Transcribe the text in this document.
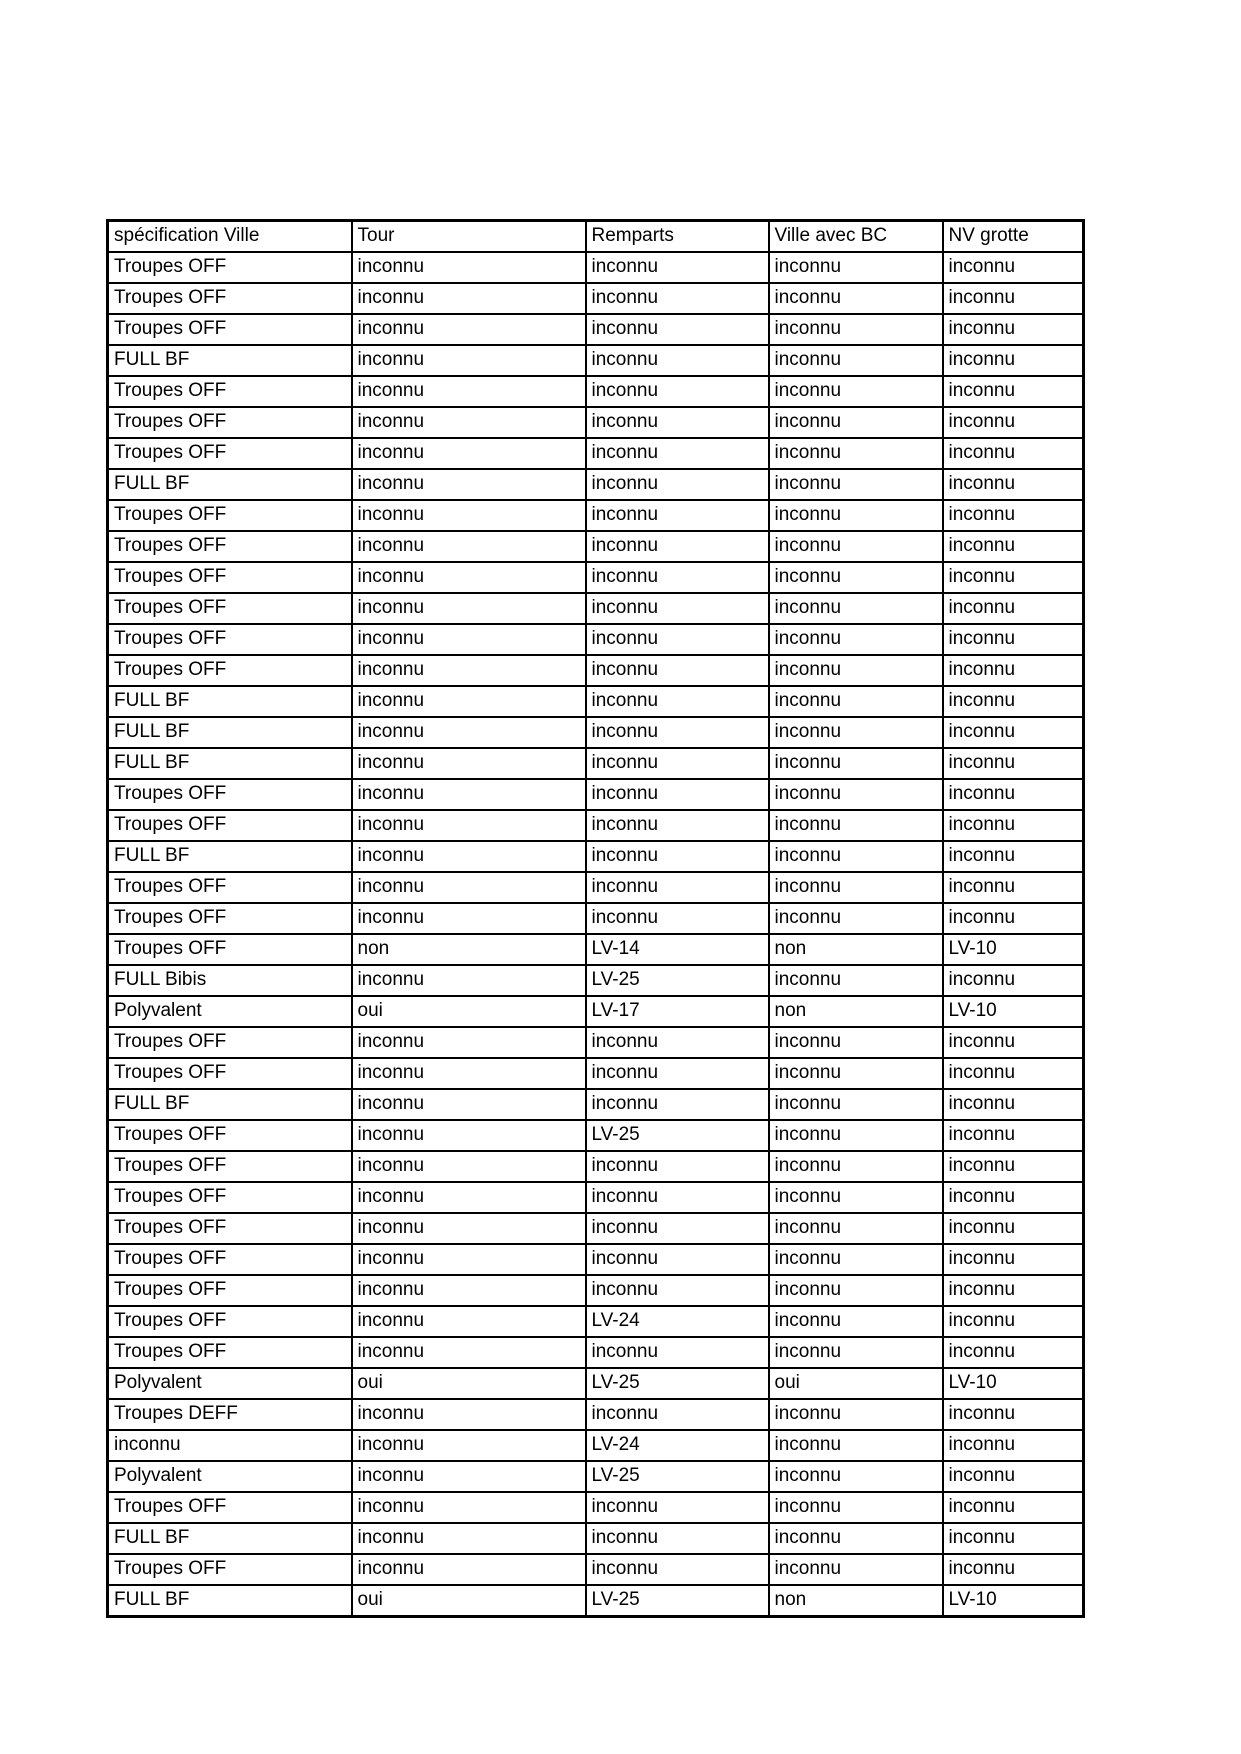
spécification Ville	Tour	Remparts	Ville avec BC	NV grotte
Troupes OFF	inconnu	inconnu	inconnu	inconnu
Troupes OFF	inconnu	inconnu	inconnu	inconnu
Troupes OFF	inconnu	inconnu	inconnu	inconnu
FULL BF	inconnu	inconnu	inconnu	inconnu
Troupes OFF	inconnu	inconnu	inconnu	inconnu
Troupes OFF	inconnu	inconnu	inconnu	inconnu
Troupes OFF	inconnu	inconnu	inconnu	inconnu
FULL BF	inconnu	inconnu	inconnu	inconnu
Troupes OFF	inconnu	inconnu	inconnu	inconnu
Troupes OFF	inconnu	inconnu	inconnu	inconnu
Troupes OFF	inconnu	inconnu	inconnu	inconnu
Troupes OFF	inconnu	inconnu	inconnu	inconnu
Troupes OFF	inconnu	inconnu	inconnu	inconnu
Troupes OFF	inconnu	inconnu	inconnu	inconnu
FULL BF	inconnu	inconnu	inconnu	inconnu
FULL BF	inconnu	inconnu	inconnu	inconnu
FULL BF	inconnu	inconnu	inconnu	inconnu
Troupes OFF	inconnu	inconnu	inconnu	inconnu
Troupes OFF	inconnu	inconnu	inconnu	inconnu
FULL BF	inconnu	inconnu	inconnu	inconnu
Troupes OFF	inconnu	inconnu	inconnu	inconnu
Troupes OFF	inconnu	inconnu	inconnu	inconnu
Troupes OFF	non	LV-14	non	LV-10
FULL Bibis	inconnu	LV-25	inconnu	inconnu
Polyvalent	oui	LV-17	non	LV-10
Troupes OFF	inconnu	inconnu	inconnu	inconnu
Troupes OFF	inconnu	inconnu	inconnu	inconnu
FULL BF	inconnu	inconnu	inconnu	inconnu
Troupes OFF	inconnu	LV-25	inconnu	inconnu
Troupes OFF	inconnu	inconnu	inconnu	inconnu
Troupes OFF	inconnu	inconnu	inconnu	inconnu
Troupes OFF	inconnu	inconnu	inconnu	inconnu
Troupes OFF	inconnu	inconnu	inconnu	inconnu
Troupes OFF	inconnu	inconnu	inconnu	inconnu
Troupes OFF	inconnu	LV-24	inconnu	inconnu
Troupes OFF	inconnu	inconnu	inconnu	inconnu
Polyvalent	oui	LV-25	oui	LV-10
Troupes DEFF	inconnu	inconnu	inconnu	inconnu
inconnu	inconnu	LV-24	inconnu	inconnu
Polyvalent	inconnu	LV-25	inconnu	inconnu
Troupes OFF	inconnu	inconnu	inconnu	inconnu
FULL BF	inconnu	inconnu	inconnu	inconnu
Troupes OFF	inconnu	inconnu	inconnu	inconnu
FULL BF	oui	LV-25	non	LV-10
